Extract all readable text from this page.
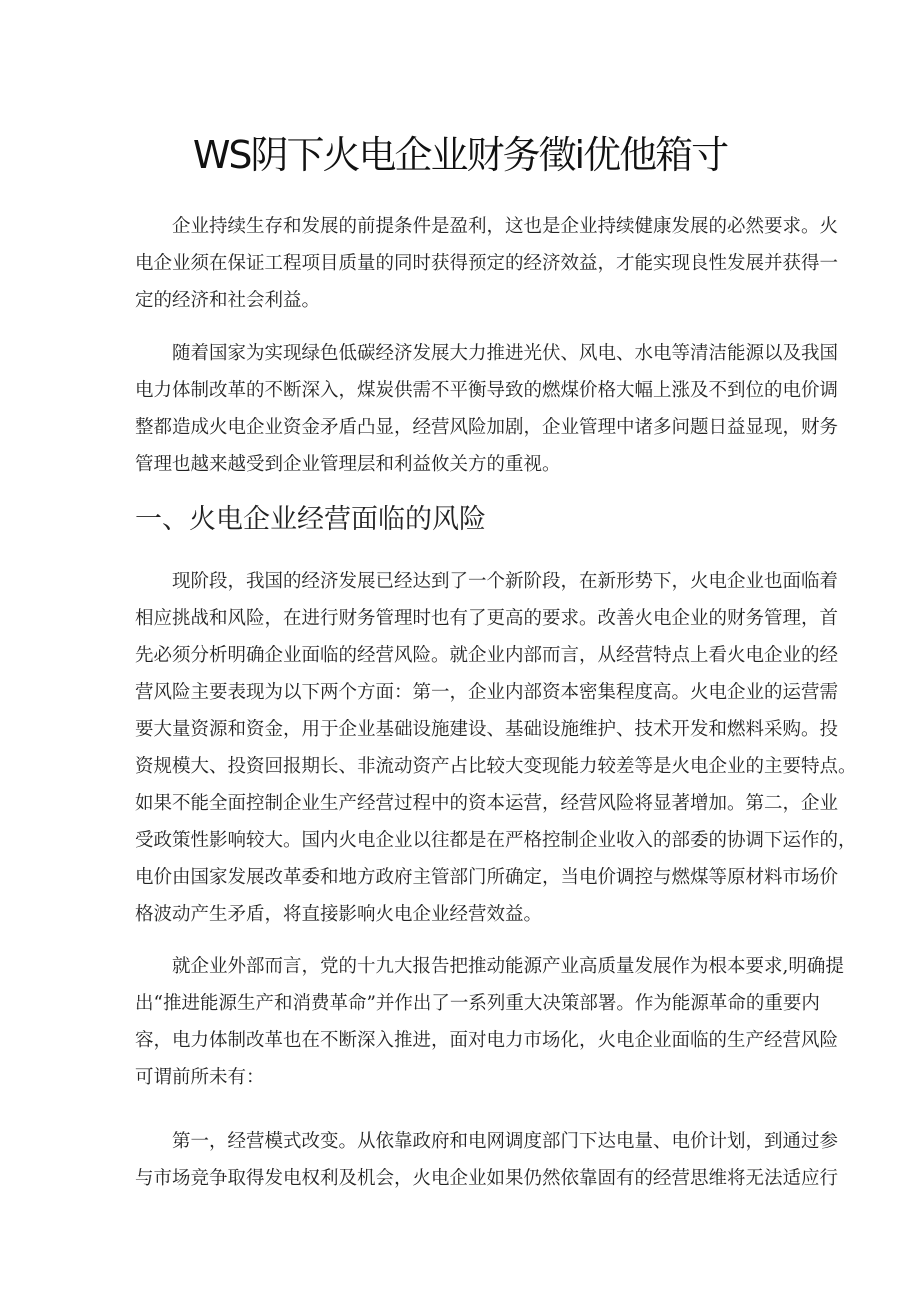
WS阴下火电企业财务徵i优他箱寸
企业持续生存和发展的前提条件是盈利，这也是企业持续健康发展的必然要求。火
电企业须在保证工程项目质量的同时获得预定的经济效益，才能实现良性发展并获得一
定的经济和社会利益。
随着国家为实现绿色低碳经济发展大力推进光伏、风电、水电等清洁能源以及我国
电力体制改革的不断深入，煤炭供需不平衡导致的燃煤价格大幅上涨及不到位的电价调
整都造成火电企业资金矛盾凸显，经营风险加剧，企业管理中诸多问题日益显现，财务
管理也越来越受到企业管理层和利益攸关方的重视。
一、火电企业经营面临的风险
现阶段，我国的经济发展已经达到了一个新阶段，在新形势下，火电企业也面临着
相应挑战和风险，在进行财务管理时也有了更高的要求。改善火电企业的财务管理，首
先必须分析明确企业面临的经营风险。就企业内部而言，从经营特点上看火电企业的经
营风险主要表现为以下两个方面：第一，企业内部资本密集程度高。火电企业的运营需
要大量资源和资金，用于企业基础设施建设、基础设施维护、技术开发和燃料采购。投
资规模大、投资回报期长、非流动资产占比较大变现能力较差等是火电企业的主要特点。
如果不能全面控制企业生产经营过程中的资本运营，经营风险将显著增加。第二，企业
受政策性影响较大。国内火电企业以往都是在严格控制企业收入的部委的协调下运作的，
电价由国家发展改革委和地方政府主管部门所确定，当电价调控与燃煤等原材料市场价
格波动产生矛盾，将直接影响火电企业经营效益。
就企业外部而言，党的十九大报告把推动能源产业高质量发展作为根本要求,明确提
出“推进能源生产和消费革命”并作出了一系列重大决策部署。作为能源革命的重要内
容，电力体制改革也在不断深入推进，面对电力市场化，火电企业面临的生产经营风险
可谓前所未有：
第一，经营模式改变。从依靠政府和电网调度部门下达电量、电价计划，到通过参
与市场竞争取得发电权利及机会，火电企业如果仍然依靠固有的经营思维将无法适应行
